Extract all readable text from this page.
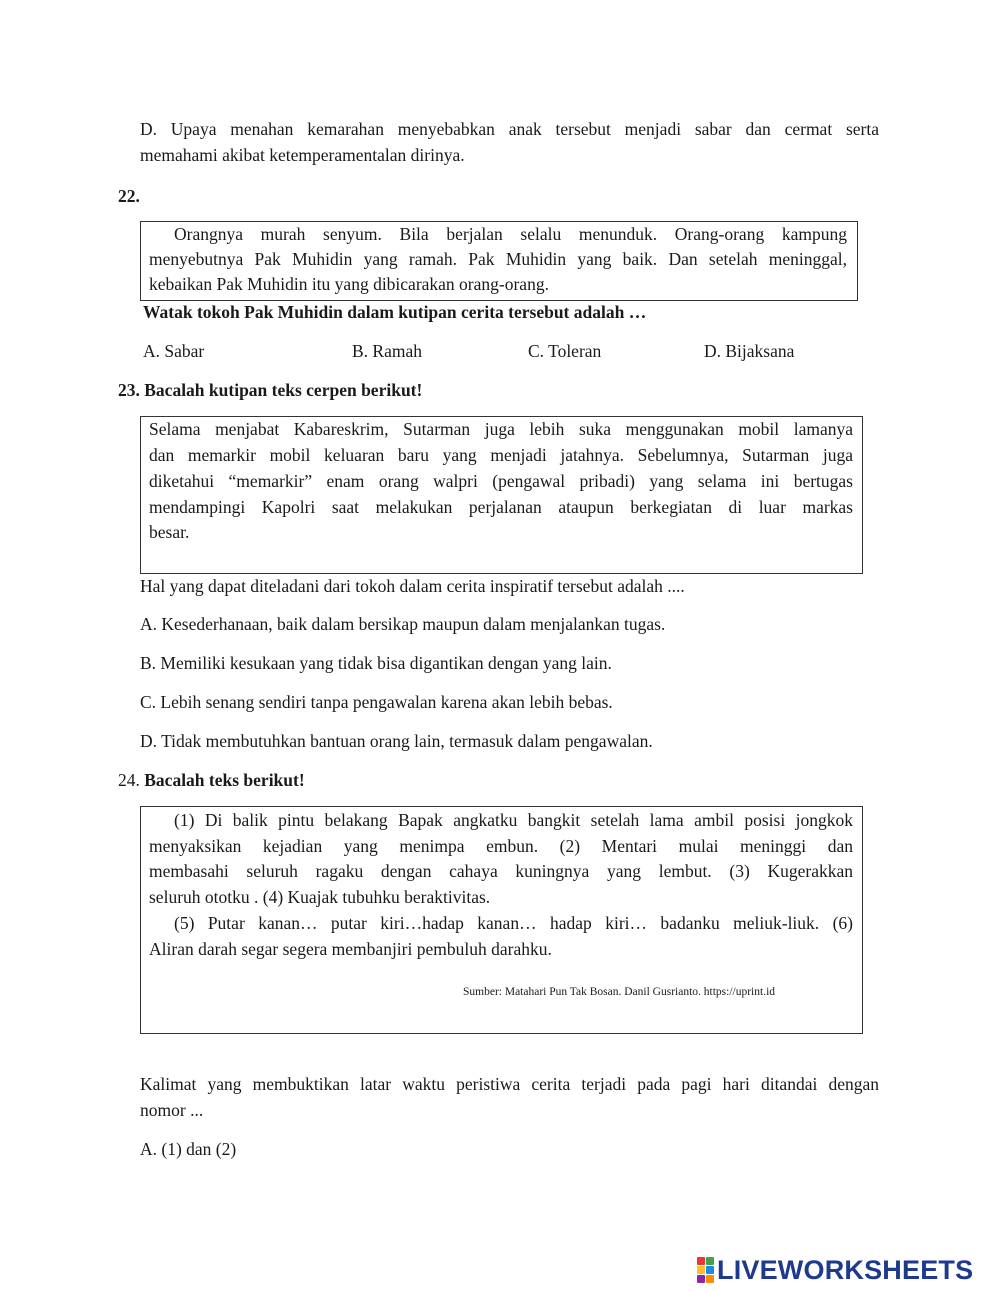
D. Upaya menahan kemarahan menyebabkan anak tersebut menjadi sabar dan cermat serta
memahami akibat ketemperamentalan dirinya.
22.
Orangnya murah senyum. Bila berjalan selalu menunduk. Orang-orang kampung
menyebutnya Pak Muhidin yang ramah. Pak Muhidin yang baik. Dan setelah meninggal,
kebaikan Pak Muhidin itu yang dibicarakan orang-orang.
Watak tokoh Pak Muhidin dalam kutipan cerita tersebut adalah …
A. Sabar	B. Ramah	C. Toleran	D. Bijaksana
23. Bacalah kutipan teks cerpen berikut!
Selama menjabat Kabareskrim, Sutarman juga lebih suka menggunakan mobil lamanya
dan memarkir mobil keluaran baru yang menjadi jatahnya. Sebelumnya, Sutarman juga
diketahui “memarkir” enam orang walpri (pengawal pribadi) yang selama ini bertugas
mendampingi Kapolri saat melakukan perjalanan ataupun berkegiatan di luar markas
besar.
Hal yang dapat diteladani dari tokoh dalam cerita inspiratif tersebut adalah ....
A. Kesederhanaan, baik dalam bersikap maupun dalam menjalankan tugas.
B. Memiliki kesukaan yang tidak bisa digantikan dengan yang lain.
C. Lebih senang sendiri tanpa pengawalan karena akan lebih bebas.
D. Tidak membutuhkan bantuan orang lain, termasuk dalam pengawalan.
24. Bacalah teks berikut!
(1) Di balik pintu belakang Bapak angkatku bangkit setelah lama ambil posisi jongkok
menyaksikan kejadian yang menimpa embun. (2) Mentari mulai meninggi dan
membasahi seluruh ragaku dengan cahaya kuningnya yang lembut. (3) Kugerakkan
seluruh ototku . (4) Kuajak tubuhku beraktivitas.
(5) Putar kanan… putar kiri…hadap kanan… hadap kiri… badanku meliuk-liuk. (6)
Aliran darah segar segera membanjiri pembuluh darahku.
Sumber: Matahari Pun Tak Bosan. Danil Gusrianto. https://uprint.id
Kalimat yang membuktikan latar waktu peristiwa cerita terjadi pada pagi hari ditandai dengan
nomor ...
A. (1) dan (2)
LIVEWORKSHEETS
